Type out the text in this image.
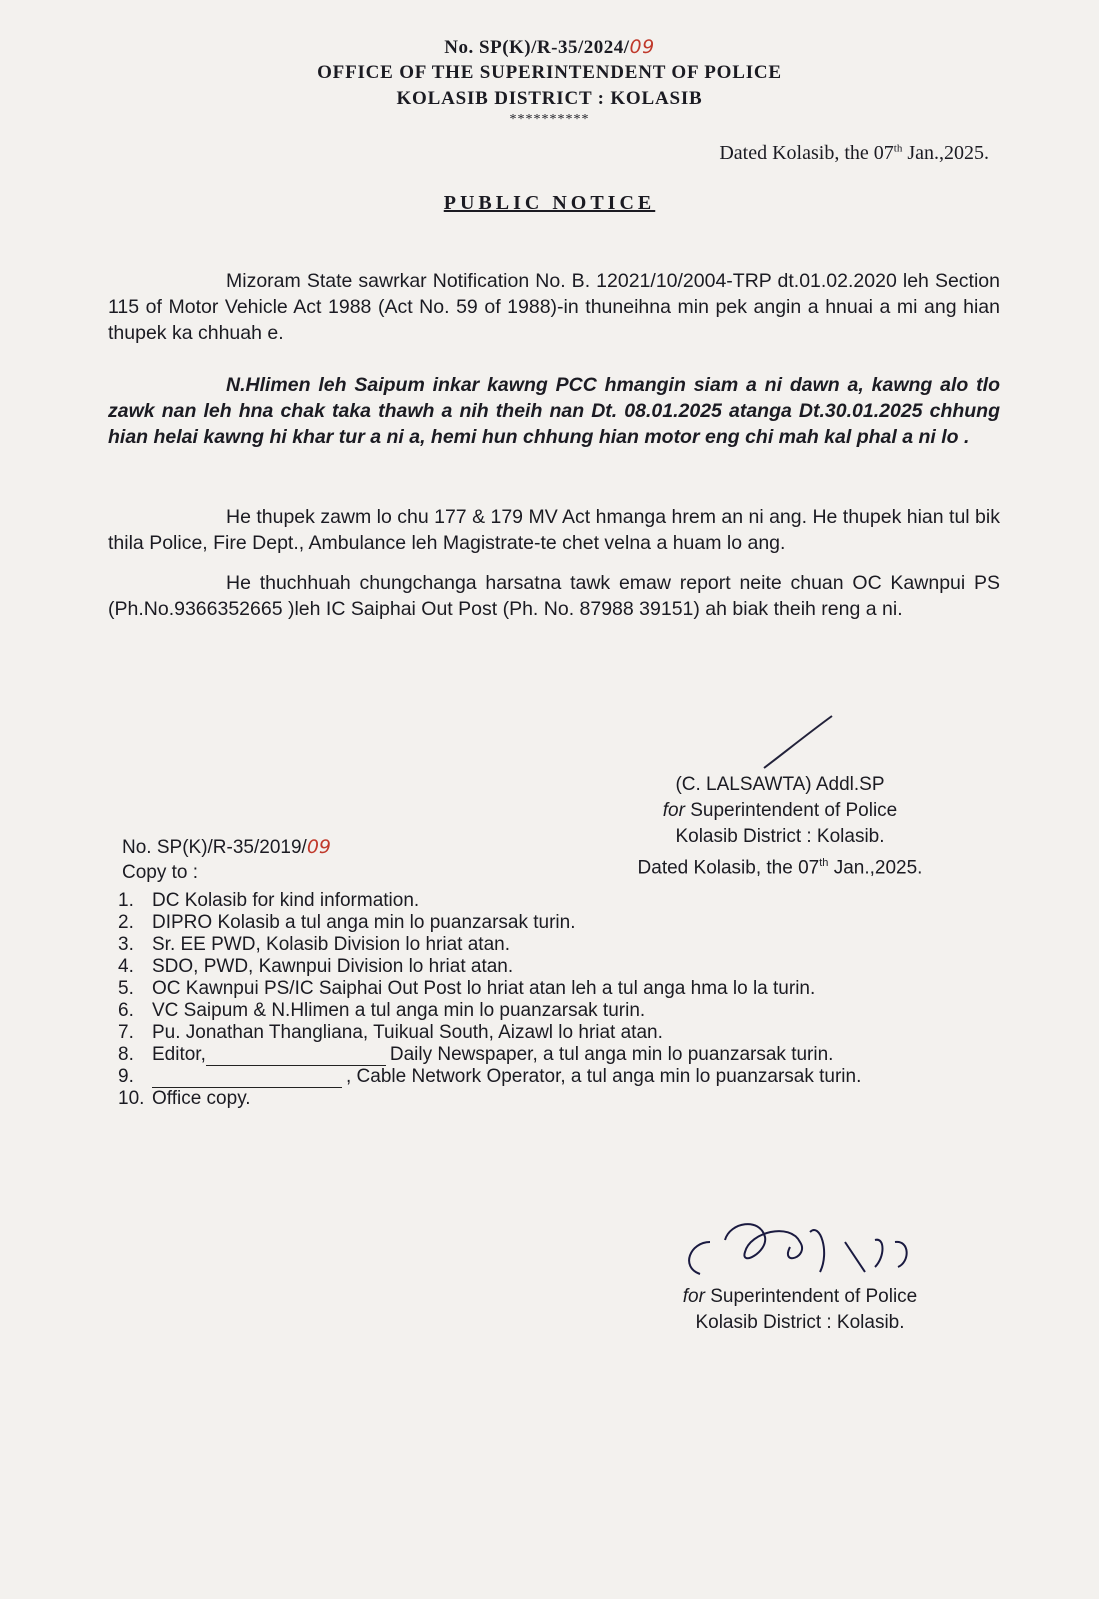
No. SP(K)/R-35/2024/09
OFFICE OF THE SUPERINTENDENT OF POLICE
KOLASIB DISTRICT : KOLASIB
**********
Dated Kolasib, the 07th Jan.,2025.
PUBLIC NOTICE
Mizoram State sawrkar Notification No. B. 12021/10/2004-TRP dt.01.02.2020 leh Section 115 of Motor Vehicle Act 1988 (Act No. 59 of 1988)-in thuneihna min pek angin a hnuai a mi ang hian thupek ka chhuah e.
N.Hlimen leh Saipum inkar kawng PCC hmangin siam a ni dawn a, kawng alo tlo zawk nan leh hna chak taka thawh a nih theih nan Dt. 08.01.2025 atanga Dt.30.01.2025 chhung hian helai kawng hi khar tur a ni a, hemi hun chhung hian motor eng chi mah kal phal a ni lo .
He thupek zawm lo chu 177 & 179 MV Act hmanga hrem an ni ang. He thupek hian tul bik thila Police, Fire Dept., Ambulance leh Magistrate-te chet velna a huam lo ang.
He thuchhuah chungchanga harsatna tawk emaw report neite chuan OC Kawnpui PS (Ph.No.9366352665 )leh IC Saiphai Out Post (Ph. No. 87988 39151) ah biak theih reng a ni.
(C. LALSAWTA) Addl.SP
for Superintendent of Police
Kolasib District : Kolasib.
Dated Kolasib, the 07th Jan.,2025.
No. SP(K)/R-35/2019/09
Copy to :
1. DC Kolasib for kind information.
2. DIPRO Kolasib a tul anga min lo puanzarsak turin.
3. Sr. EE PWD, Kolasib Division lo hriat atan.
4. SDO, PWD, Kawnpui Division lo hriat atan.
5. OC Kawnpui PS/IC Saiphai Out Post lo hriat atan leh a tul anga hma lo la turin.
6. VC Saipum & N.Hlimen a tul anga min lo puanzarsak turin.
7. Pu. Jonathan Thangliana, Tuikual South, Aizawl lo hriat atan.
8. Editor,	Daily Newspaper, a tul anga min lo puanzarsak turin.
9.	, Cable Network Operator, a tul anga min lo puanzarsak turin.
10. Office copy.
C.Ghrayl 1/1/25
for Superintendent of Police
Kolasib District : Kolasib.
